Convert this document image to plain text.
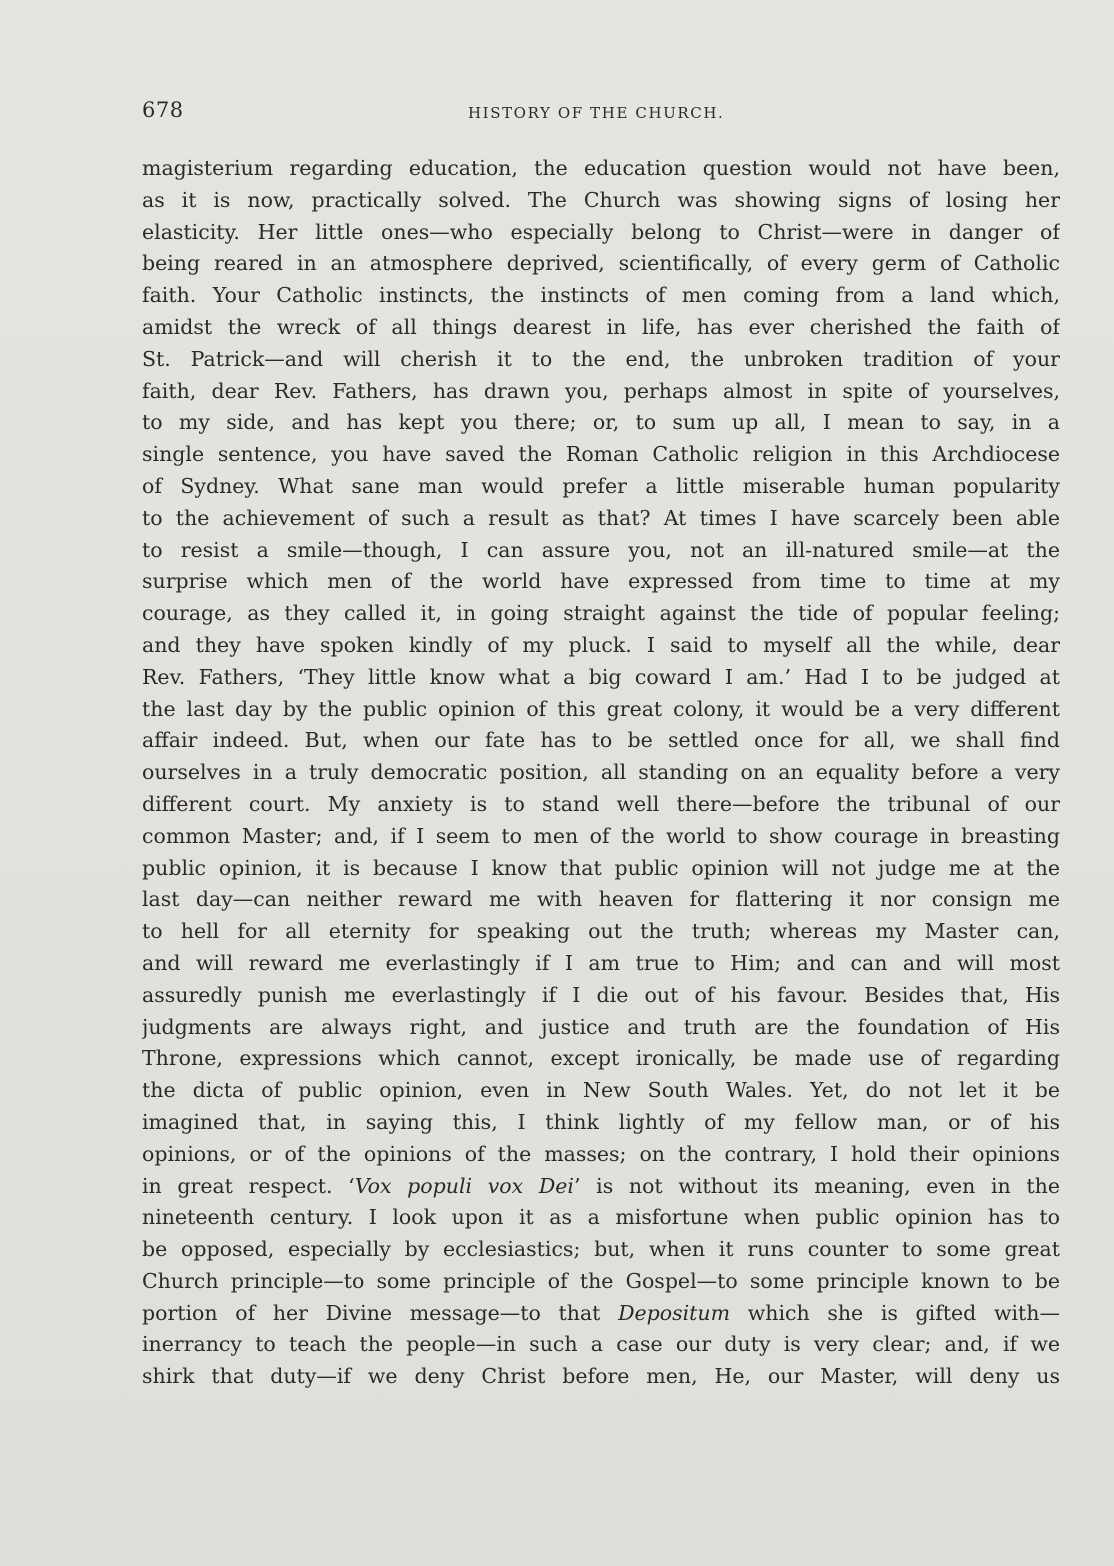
678	HISTORY OF THE CHURCH.
magisterium regarding education, the education question would not have been,
as it is now, practically solved. The Church was showing signs of losing her
elasticity. Her little ones—who especially belong to Christ—were in danger of
being reared in an atmosphere deprived, scientifically, of every germ of Catholic
faith. Your Catholic instincts, the instincts of men coming from a land which,
amidst the wreck of all things dearest in life, has ever cherished the faith of
St. Patrick—and will cherish it to the end, the unbroken tradition of your
faith, dear Rev. Fathers, has drawn you, perhaps almost in spite of yourselves,
to my side, and has kept you there; or, to sum up all, I mean to say, in a
single sentence, you have saved the Roman Catholic religion in this Archdiocese
of Sydney. What sane man would prefer a little miserable human popularity
to the achievement of such a result as that? At times I have scarcely been able
to resist a smile—though, I can assure you, not an ill-natured smile—at the
surprise which men of the world have expressed from time to time at my
courage, as they called it, in going straight against the tide of popular feeling;
and they have spoken kindly of my pluck. I said to myself all the while, dear
Rev. Fathers, ‘They little know what a big coward I am.’ Had I to be judged at
the last day by the public opinion of this great colony, it would be a very different
affair indeed. But, when our fate has to be settled once for all, we shall find
ourselves in a truly democratic position, all standing on an equality before a very
different court. My anxiety is to stand well there—before the tribunal of our
common Master; and, if I seem to men of the world to show courage in breasting
public opinion, it is because I know that public opinion will not judge me at the
last day—can neither reward me with heaven for flattering it nor consign me
to hell for all eternity for speaking out the truth; whereas my Master can,
and will reward me everlastingly if I am true to Him; and can and will most
assuredly punish me everlastingly if I die out of his favour. Besides that, His
judgments are always right, and justice and truth are the foundation of His
Throne, expressions which cannot, except ironically, be made use of regarding
the dicta of public opinion, even in New South Wales. Yet, do not let it be
imagined that, in saying this, I think lightly of my fellow man, or of his
opinions, or of the opinions of the masses; on the contrary, I hold their opinions
in great respect. ‘Vox populi vox Dei’ is not without its meaning, even in the
nineteenth century. I look upon it as a misfortune when public opinion has to
be opposed, especially by ecclesiastics; but, when it runs counter to some great
Church principle—to some principle of the Gospel—to some principle known to be
portion of her Divine message—to that Depositum which she is gifted with—
inerrancy to teach the people—in such a case our duty is very clear; and, if we
shirk that duty—if we deny Christ before men, He, our Master, will deny us
